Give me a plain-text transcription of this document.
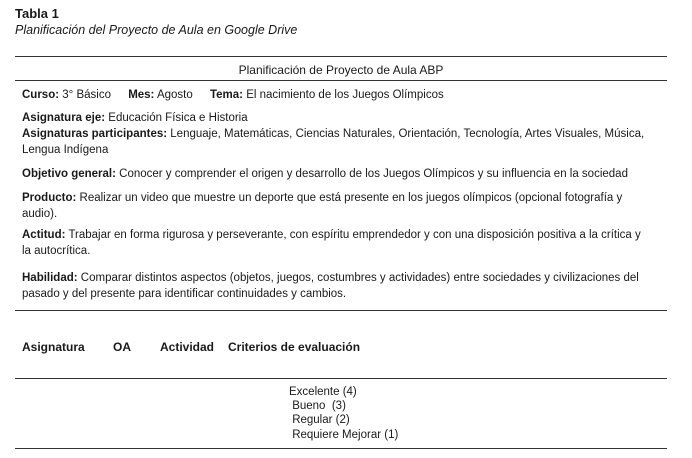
Tabla 1
Planificación del Proyecto de Aula en Google Drive
Planificación de Proyecto de Aula ABP
Curso: 3° Básico Mes: Agosto Tema: El nacimiento de los Juegos Olímpicos
Asignatura eje: Educación Física e Historia
Asignaturas participantes: Lenguaje, Matemáticas, Ciencias Naturales, Orientación, Tecnología, Artes Visuales, Música, Lengua Indígena
Objetivo general: Conocer y comprender el origen y desarrollo de los Juegos Olímpicos y su influencia en la sociedad
Producto: Realizar un video que muestre un deporte que está presente en los juegos olímpicos (opcional fotografía y audio).
Actitud: Trabajar en forma rigurosa y perseverante, con espíritu emprendedor y con una disposición positiva a la crítica y la autocrítica.
Habilidad: Comparar distintos aspectos (objetos, juegos, costumbres y actividades) entre sociedades y civilizaciones del pasado y del presente para identificar continuidades y cambios.
Asignatura OA Actividad Criterios de evaluación
Excelente (4)
Bueno  (3)
Regular (2)
Requiere Mejorar (1)
